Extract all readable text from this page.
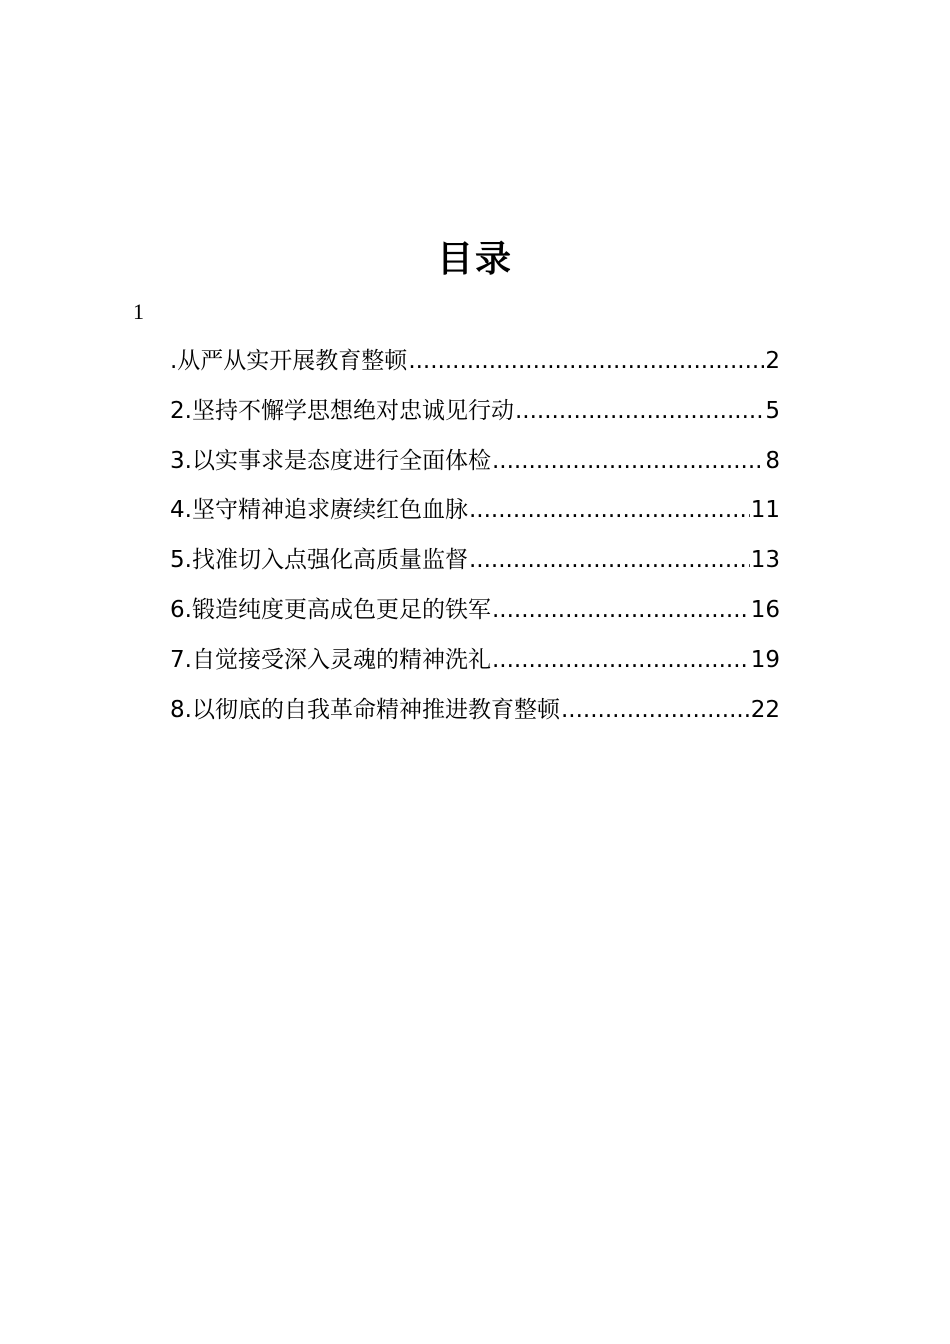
目录
1
.从严从实开展教育整顿 .....	2
2.坚持不懈学思想绝对忠诚见行动 .....	5
3.以实事求是态度进行全面体检 .....	8
4.坚守精神追求赓续红色血脉 .....	11
5.找准切入点强化高质量监督 .....	13
6.锻造纯度更高成色更足的铁军 .....	16
7.自觉接受深入灵魂的精神洗礼 .....	19
8.以彻底的自我革命精神推进教育整顿 .....	22
